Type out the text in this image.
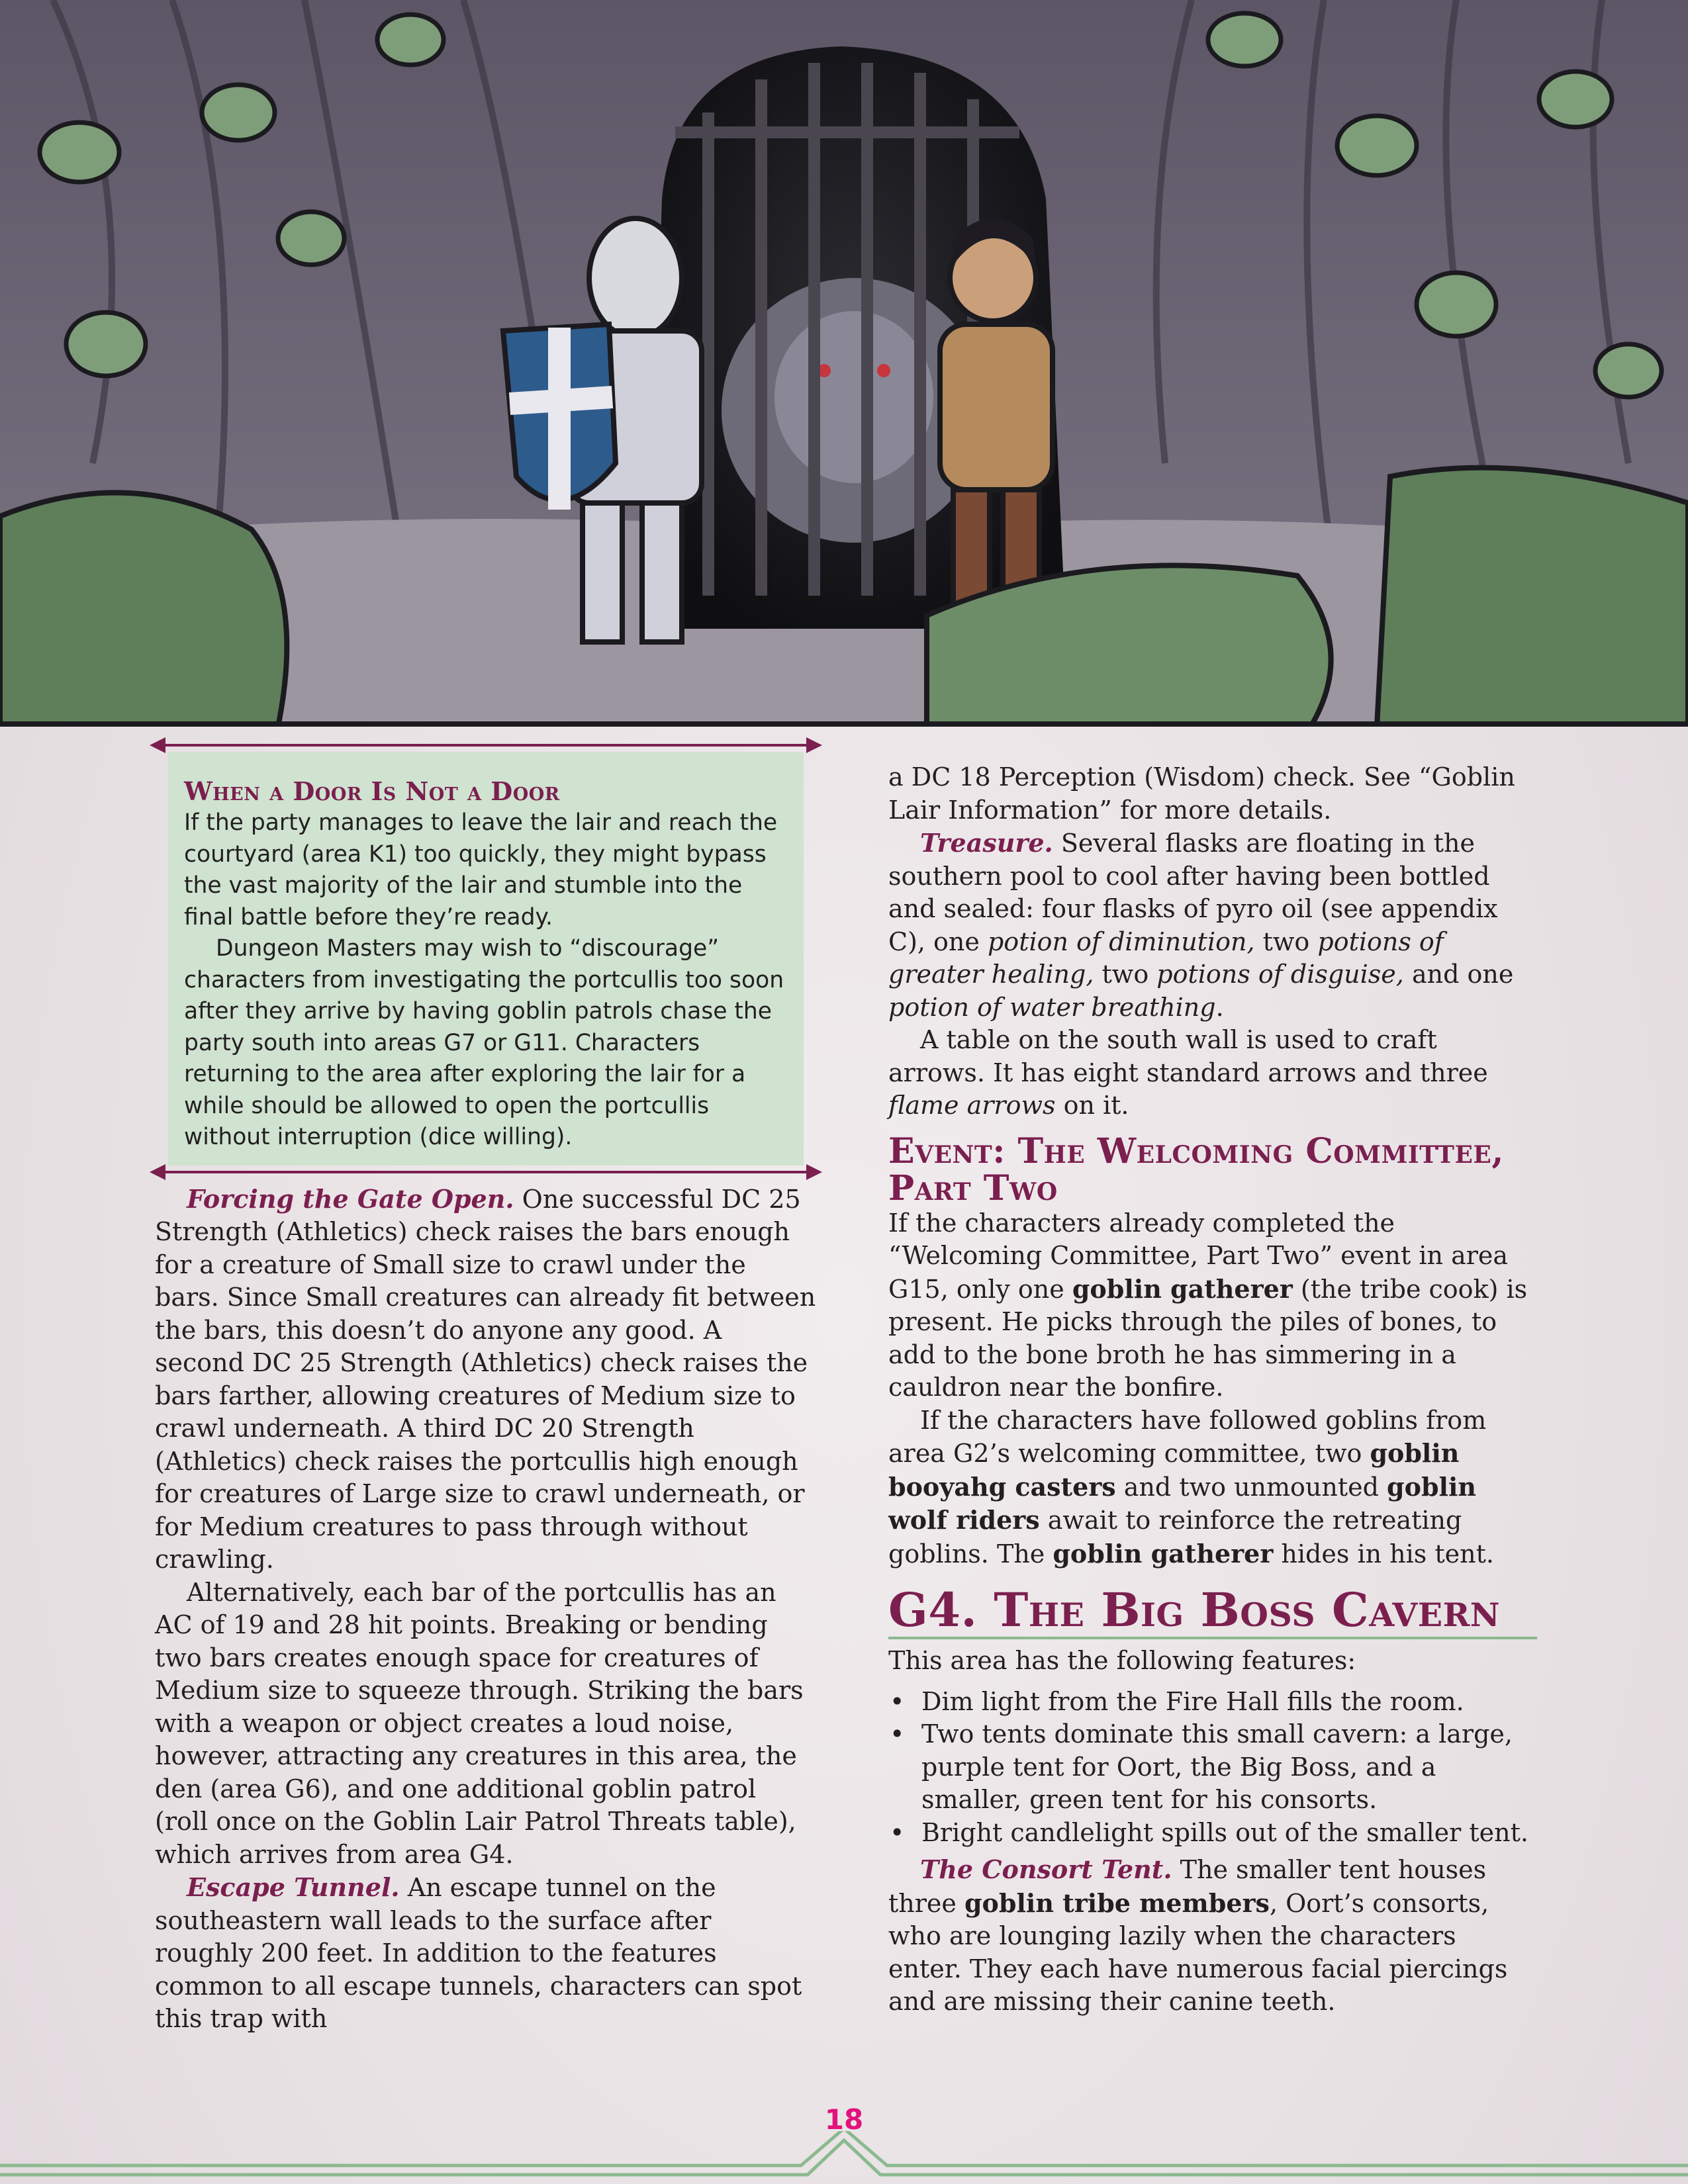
When a Door Is Not a Door

If the party manages to leave the lair and reach the courtyard (area K1) too quickly, they might bypass the vast majority of the lair and stumble into the final battle before they’re ready.

Dungeon Masters may wish to “discourage” characters from investigating the portcullis too soon after they arrive by having goblin patrols chase the party south into areas G7 or G11. Characters returning to the area after exploring the lair for a while should be allowed to open the portcullis without interruption (dice willing).

Forcing the Gate Open. One successful DC 25 Strength (Athletics) check raises the bars enough for a creature of Small size to crawl under the bars. Since Small creatures can already fit between the bars, this doesn’t do anyone any good. A second DC 25 Strength (Athletics) check raises the bars farther, allowing creatures of Medium size to crawl underneath. A third DC 20 Strength (Athletics) check raises the portcullis high enough for creatures of Large size to crawl underneath, or for Medium creatures to pass through without crawling.

Alternatively, each bar of the portcullis has an AC of 19 and 28 hit points. Breaking or bending two bars creates enough space for creatures of Medium size to squeeze through. Striking the bars with a weapon or object creates a loud noise, however, attracting any creatures in this area, the den (area G6), and one additional goblin patrol (roll once on the Goblin Lair Patrol Threats table), which arrives from area G4.

Escape Tunnel. An escape tunnel on the southeastern wall leads to the surface after roughly 200 feet. In addition to the features common to all escape tunnels, characters can spot this trap with

a DC 18 Perception (Wisdom) check. See “Goblin Lair Information” for more details.

Treasure. Several flasks are floating in the southern pool to cool after having been bottled and sealed: four flasks of pyro oil (see appendix C), one potion of diminution, two potions of greater healing, two potions of disguise, and one potion of water breathing.

A table on the south wall is used to craft arrows. It has eight standard arrows and three flame arrows on it.

Event: The Welcoming Committee, Part Two

If the characters already completed the “Welcoming Committee, Part Two” event in area G15, only one goblin gatherer (the tribe cook) is present. He picks through the piles of bones, to add to the bone broth he has simmering in a cauldron near the bonfire.

If the characters have followed goblins from area G2’s welcoming committee, two goblin booyahg casters and two unmounted goblin wolf riders await to reinforce the retreating goblins. The goblin gatherer hides in his tent.

G4. The Big Boss Cavern

This area has the following features:

• Dim light from the Fire Hall fills the room.
• Two tents dominate this small cavern: a large, purple tent for Oort, the Big Boss, and a smaller, green tent for his consorts.
• Bright candlelight spills out of the smaller tent.

The Consort Tent. The smaller tent houses three goblin tribe members, Oort’s consorts, who are lounging lazily when the characters enter. They each have numerous facial piercings and are missing their canine teeth.

18
